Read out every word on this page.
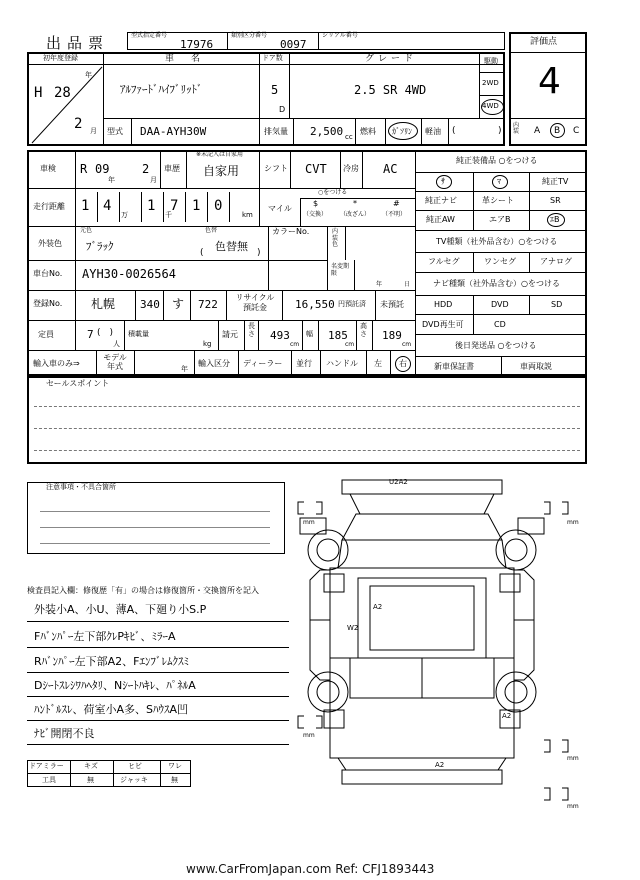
出品票	型式指定番号
17976
類別区分番号
0097
シリアル番号
評価点
4
内装	A B C
初年度登録
年
H 28
2 月
車　名
ｱﾙﾌｧｰﾄﾞﾊｲﾌﾞﾘｯﾄﾞ
ドア数
5
D
グレード
2.5 SR 4WD
駆動
2WD
4WD
型式 DAA-AYH30W	排気量 2,500 cc
燃料 ｶﾞｿﾘﾝ 軽油 (	)
車検 R 09
年
2
月
車歴
※未記入は自家用
自家用	シフト CVT 冷房 AC
走行距離 1 4
万
1
千
7 1 0
km
マイル
○をつける
$
（交換）
*
（改ざん）
#
（不明）
外装色
元色
ﾌﾞﾗｯｸ
色替
色替無
(	)
カラーNo.	内装色
車台No. AYH30-0026564
名変期限
年	日
登録No. 札幌 340 す 722
リサイクル預託金	16,550 円預託済 未預託
定員	7 (　)
人
積載量
kg
請元
長さ 493
cm
幅 185
cm
高さ 189
cm
輸入車のみ⇒
モデル年式	年
輸入区分 ディーラー 並行 ハンドル 左 右
純正装備品 ○をつける
ｻ	ﾏ	純正TV
純正ナビ	革シート	SR
純正AW	エアB	ｴB
TV種類（社外品含む）○をつける
フルセグ	ワンセグ	アナログ
ナビ種類（社外品含む）○をつける
HDD	DVD	SD
DVD再生可	CD
後日発送品 ○をつける
新車保証書	車両取説
セールスポイント
注意事項・不具合箇所
検査員記入欄：修復歴「有」の場合は修復箇所・交換箇所を記入
外装小A、小U、薄A、下廻り小S.P
Fﾊﾞﾝﾊﾟｰ左下部ｸﾚPｷﾋﾞ、ﾐﾗｰA
Rﾊﾞﾝﾊﾟｰ左下部A2、Fｴﾝﾌﾞﾚﾑｸｽﾐ
Dｼｰﾄｽﾚｼﾜﾊﾍﾀﾘ、Nｼｰﾄﾊｷﾚ、ﾊﾟﾈﾙA
ﾊﾝﾄﾞﾙｽﾚ、荷室小A多、SﾊｳｽA凹
ﾅﾋﾞ開閉不良
ドアミラー	キズ	ヒビ	ワレ
工具	無	ジャッキ	無
U2A2
A2
W2
A2
A2
mm	mm
mm
mm
mm
www.CarFromJapan.com Ref: CFJ1893443
